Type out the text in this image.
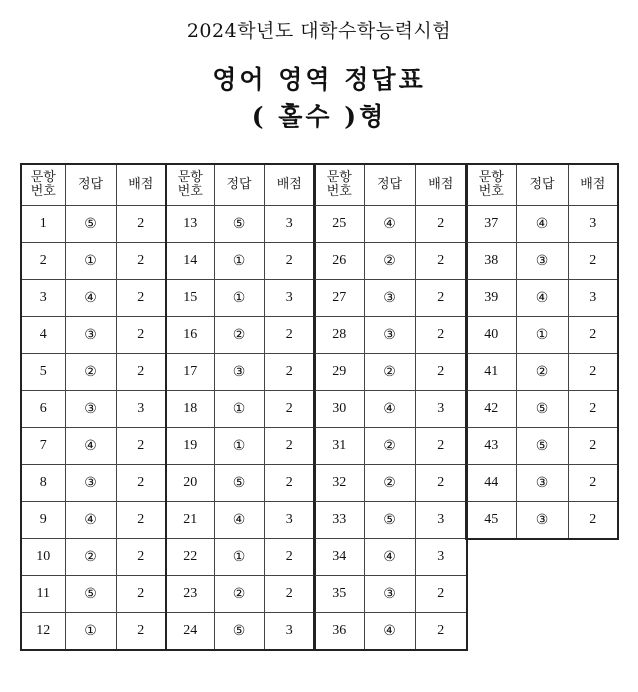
2024학년도 대학수학능력시험
영어 영역 정답표
( 홀수 )형
문항
번호	정답	배점
1	⑤	2
2	①	2
3	④	2
4	③	2
5	②	2
6	③	3
7	④	2
8	③	2
9	④	2
10	②	2
11	⑤	2
12	①	2
문항
번호	정답	배점
13	⑤	3
14	①	2
15	①	3
16	②	2
17	③	2
18	①	2
19	①	2
20	⑤	2
21	④	3
22	①	2
23	②	2
24	⑤	3
문항
번호	정답	배점
25	④	2
26	②	2
27	③	2
28	③	2
29	②	2
30	④	3
31	②	2
32	②	2
33	⑤	3
34	④	3
35	③	2
36	④	2
문항
번호	정답	배점
37	④	3
38	③	2
39	④	3
40	①	2
41	②	2
42	⑤	2
43	⑤	2
44	③	2
45	③	2
